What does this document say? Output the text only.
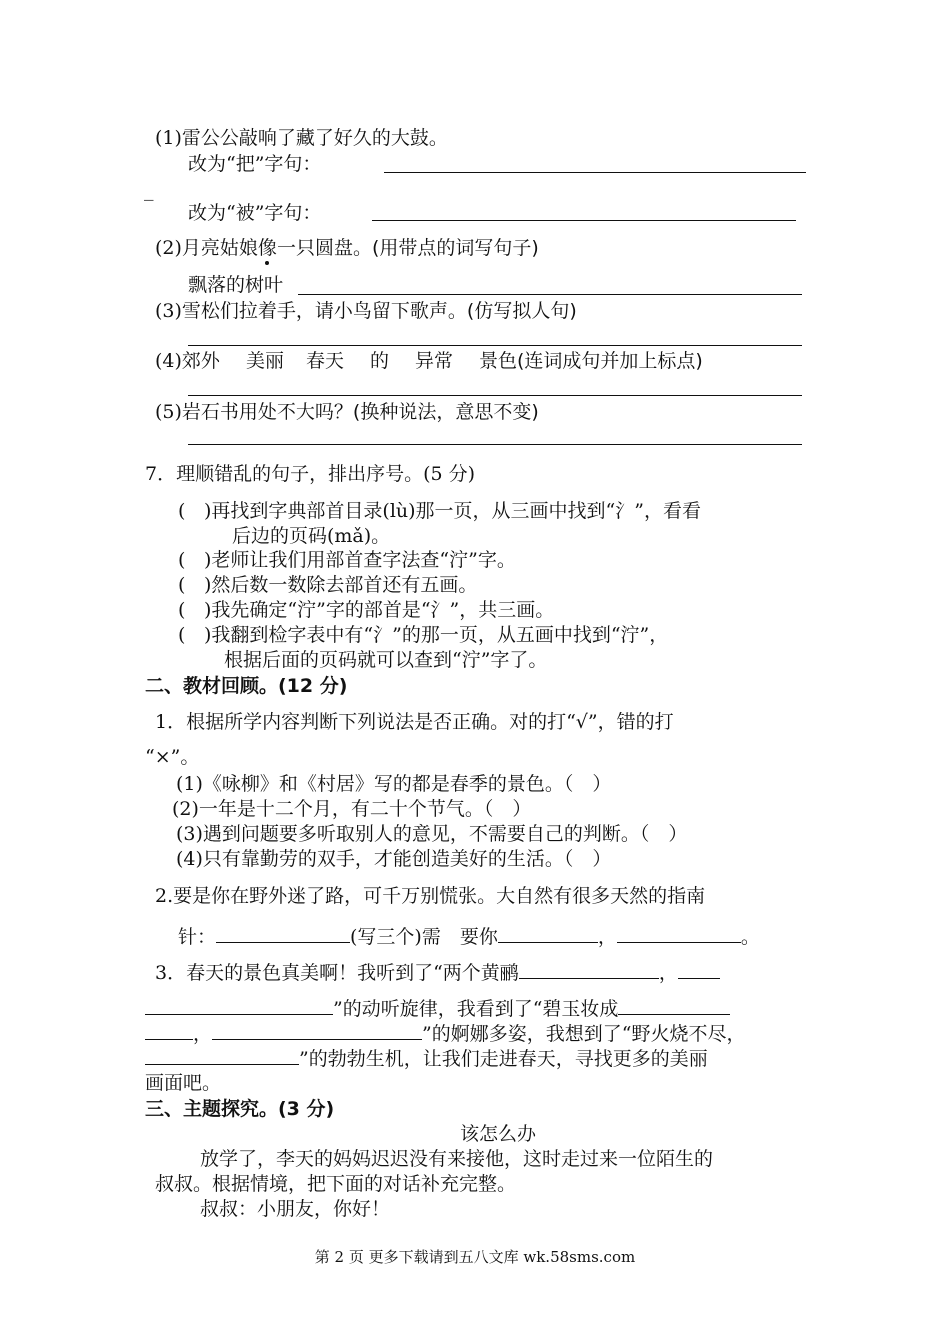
(1)雷公公敲响了藏了好久的大鼓。
改为“把”字句：
_
改为“被”字句：
(2)月亮姑娘像一只圆盘。(用带点的词写句子)
飘落的树叶
(3)雪松们拉着手，请小鸟留下歌声。(仿写拟人句)
(4)郊外 美丽 春天 的 异常 景色(连词成句并加上标点)
(5)岩石书用处不大吗？(换种说法，意思不变)
7．理顺错乱的句子，排出序号。(5 分)
( )再找到字典部首目录(lù)那一页，从三画中找到“氵”，看看
后边的页码(mǎ)。
( )老师让我们用部首查字法查“泞”字。
( )然后数一数除去部首还有五画。
( )我先确定“泞”字的部首是“氵”，共三画。
( )我翻到检字表中有“氵”的那一页，从五画中找到“泞”，
根据后面的页码就可以查到“泞”字了。
二、教材回顾。(12 分)
1．根据所学内容判断下列说法是否正确。对的打“√”，错的打
“×”。
(1)《咏柳》和《村居》写的都是春季的景色。（　）
(2)一年是十二个月，有二十个节气。（　）
(3)遇到问题要多听取别人的意见，不需要自己的判断。（　）
(4)只有靠勤劳的双手，才能创造美好的生活。（　）
2.要是你在野外迷了路，可千万别慌张。大自然有很多天然的指南
针：	(写三个)需　要你	，	。
3．春天的景色真美啊！我听到了“两个黄鹂	，
”的动听旋律，我看到了“碧玉妆成
，	”的婀娜多姿，我想到了“野火烧不尽，
”的勃勃生机，让我们走进春天，寻找更多的美丽
画面吧。
三、主题探究。(3 分)
该怎么办
放学了，李天的妈妈迟迟没有来接他，这时走过来一位陌生的
叔叔。根据情境，把下面的对话补充完整。
叔叔：小朋友，你好！
第 2 页 更多下载请到五八文库 wk.58sms.com
